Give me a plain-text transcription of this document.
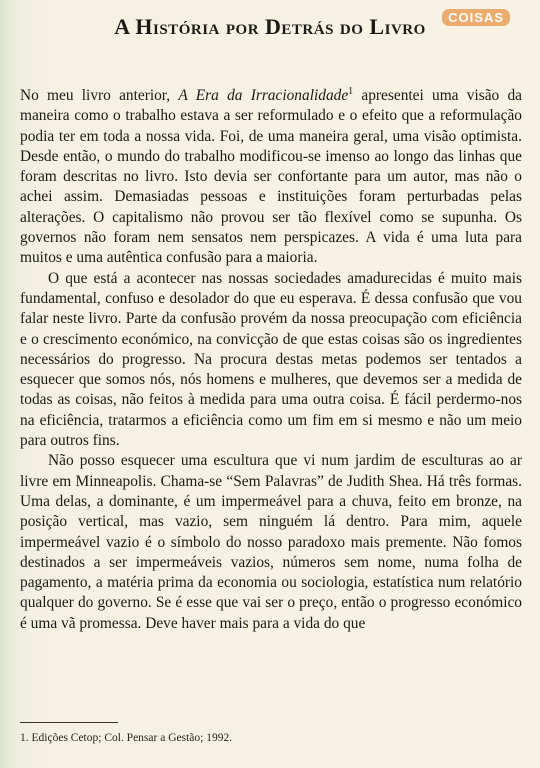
COISAS
A História por Detrás do Livro

No meu livro anterior, A Era da Irracionalidade$^1$ apresentei uma visão da maneira como o trabalho estava a ser reformulado e o efeito que a reformulação podia ter em toda a nossa vida. Foi, de uma maneira geral, uma visão optimista. Desde então, o mundo do trabalho modificou-se imenso ao longo das linhas que foram descritas no livro. Isto devia ser confortante para um autor, mas não o achei assim. Demasiadas pessoas e instituições foram perturbadas pelas alterações. O capitalismo não provou ser tão flexível como se supunha. Os governos não foram nem sensatos nem perspicazes. A vida é uma luta para muitos e uma autêntica confusão para a maioria.

O que está a acontecer nas nossas sociedades amadurecidas é muito mais fundamental, confuso e desolador do que eu esperava. É dessa confusão que vou falar neste livro. Parte da confusão provém da nossa preocupação com eficiência e o crescimento económico, na convicção de que estas coisas são os ingredientes necessários do progresso. Na procura destas metas podemos ser tentados a esquecer que somos nós, nós homens e mulheres, que devemos ser a medida de todas as coisas, não feitos à medida para uma outra coisa. É fácil perdermo-nos na eficiência, tratarmos a eficiência como um fim em si mesmo e não um meio para outros fins.

Não posso esquecer uma escultura que vi num jardim de esculturas ao ar livre em Minneapolis. Chama-se “Sem Palavras” de Judith Shea. Há três formas. Uma delas, a dominante, é um impermeável para a chuva, feito em bronze, na posição vertical, mas vazio, sem ninguém lá dentro. Para mim, aquele impermeável vazio é o símbolo do nosso paradoxo mais premente. Não fomos destinados a ser impermeáveis vazios, números sem nome, numa folha de pagamento, a matéria prima da economia ou sociologia, estatística num relatório qualquer do governo. Se é esse que vai ser o preço, então o progresso económico é uma vã promessa. Deve haver mais para a vida do que

1. Edições Cetop; Col. Pensar a Gestão; 1992.
